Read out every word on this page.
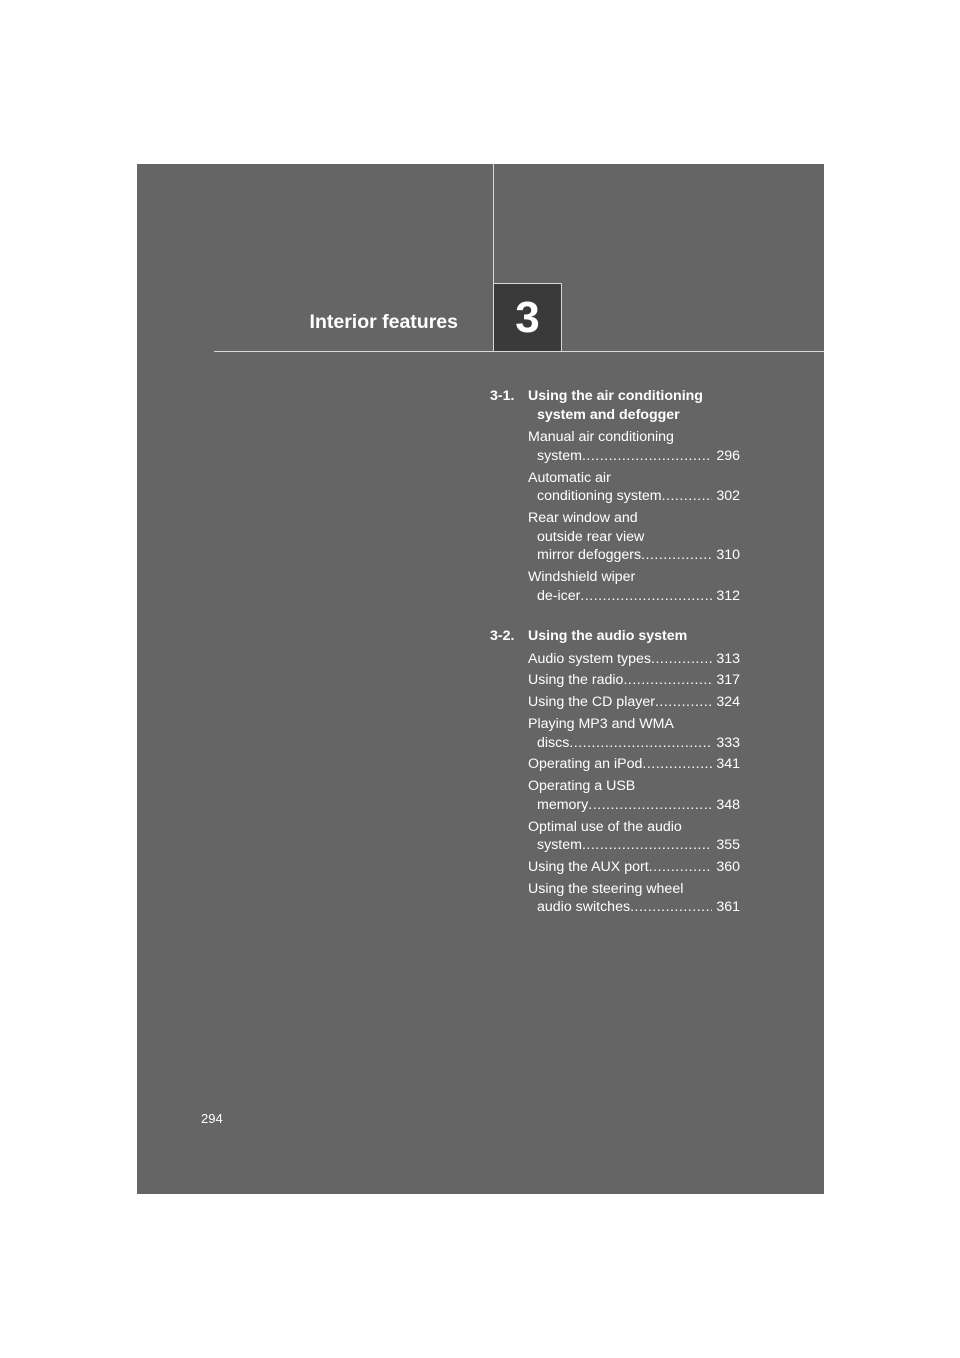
Interior features	3
3-1. Using the air conditioning
system and defogger
Manual air conditioning
system .....	296
Automatic air
conditioning system .....	302
Rear window and
outside rear view
mirror defoggers .....	310
Windshield wiper
de-icer .....	312
3-2. Using the audio system
Audio system types .....	313
Using the radio .....	317
Using the CD player .....	324
Playing MP3 and WMA
discs .....	333
Operating an iPod .....	341
Operating a USB
memory .....	348
Optimal use of the audio
system .....	355
Using the AUX port .....	360
Using the steering wheel
audio switches .....	361
294
